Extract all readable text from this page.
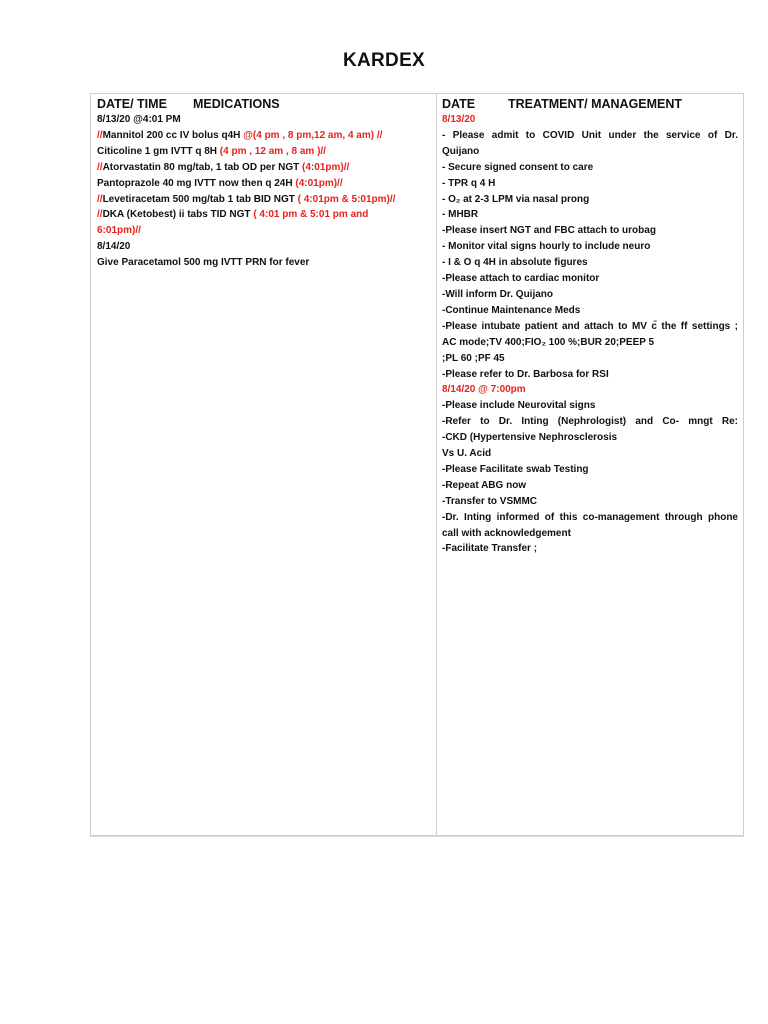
KARDEX
DATE/ TIME MEDICATIONS
8/13/20 @4:01 PM
//Mannitol 200 cc IV bolus q4H @(4 pm , 8 pm,12 am, 4 am) //
Citicoline 1 gm IVTT q 8H (4 pm , 12 am , 8 am )//
//Atorvastatin 80 mg/tab, 1 tab OD per NGT (4:01pm)//
Pantoprazole 40 mg IVTT now then q 24H (4:01pm)//
//Levetiracetam 500 mg/tab 1 tab BID NGT ( 4:01pm & 5:01pm)//
//DKA (Ketobest) ii tabs TID NGT ( 4:01 pm & 5:01 pm and
6:01pm)//
8/14/20
Give Paracetamol 500 mg IVTT PRN for fever
DATE	TREATMENT/ MANAGEMENT
8/13/20
- Please admit to COVID Unit under the service of Dr.
Quijano
- Secure signed consent to care
- TPR q 4 H
- O₂ at 2-3 LPM via nasal prong
- MHBR
-Please insert NGT and FBC attach to urobag
- Monitor vital signs hourly to include neuro
- I & O q 4H in absolute figures
-Please attach to cardiac monitor
-Will inform Dr. Quijano
-Continue Maintenance Meds
-Please intubate patient and attach to MV c̄ the ff settings ;
AC mode;TV 400;FIO₂ 100 %;BUR 20;PEEP 5
;PL 60 ;PF 45
-Please refer to Dr. Barbosa for RSI
8/14/20 @ 7:00pm
-Please include Neurovital signs
-Refer to Dr. Inting (Nephrologist) and Co- mngt Re:
-CKD (Hypertensive Nephrosclerosis
Vs U. Acid
-Please Facilitate swab Testing
-Repeat ABG now
-Transfer to VSMMC
-Dr. Inting informed of this co-management through phone
call with acknowledgement
-Facilitate Transfer ;
